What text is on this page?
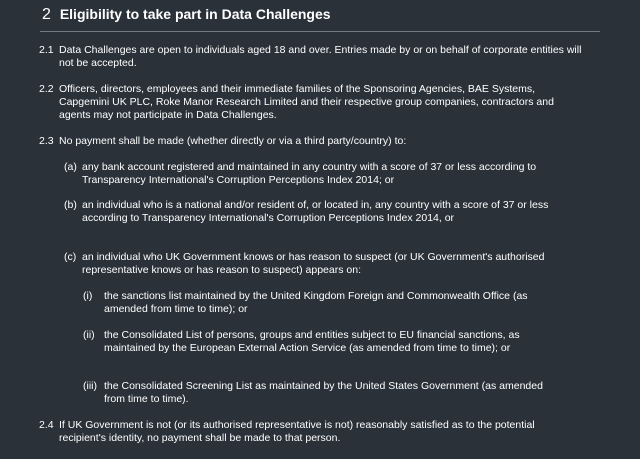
2 Eligibility to take part in Data Challenges
2.1 Data Challenges are open to individuals aged 18 and over. Entries made by or on behalf of corporate entities will not be accepted.
2.2 Officers, directors, employees and their immediate families of the Sponsoring Agencies, BAE Systems, Capgemini UK PLC, Roke Manor Research Limited and their respective group companies, contractors and agents may not participate in Data Challenges.
2.3 No payment shall be made (whether directly or via a third party/country) to:
(a) any bank account registered and maintained in any country with a score of 37 or less according to Transparency International's Corruption Perceptions Index 2014; or
(b) an individual who is a national and/or resident of, or located in, any country with a score of 37 or less according to Transparency International's Corruption Perceptions Index 2014, or
(c) an individual who UK Government knows or has reason to suspect (or UK Government's authorised representative knows or has reason to suspect) appears on:
(i)	the sanctions list maintained by the United Kingdom Foreign and Commonwealth Office (as amended from time to time); or
(ii) the Consolidated List of persons, groups and entities subject to EU financial sanctions, as maintained by the European External Action Service (as amended from time to time); or
(iii) the Consolidated Screening List as maintained by the United States Government (as amended from time to time).
2.4 If UK Government is not (or its authorised representative is not) reasonably satisfied as to the potential recipient's identity, no payment shall be made to that person.
